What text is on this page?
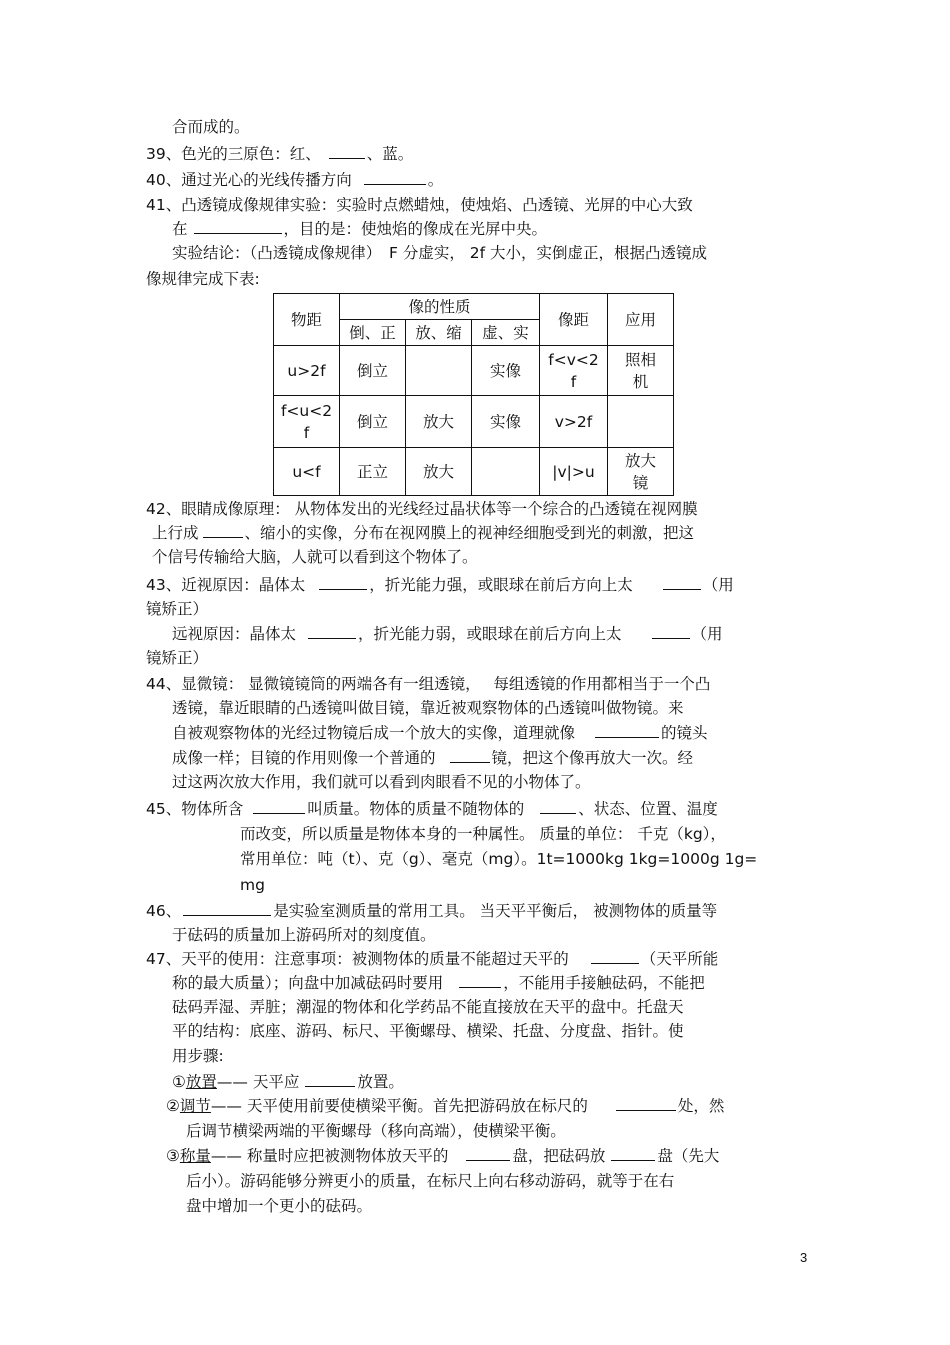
合而成的。
39、色光的三原色：红、	、蓝。
40、通过光心的光线传播方向	。
41、凸透镜成像规律实验：实验时点燃蜡烛，使烛焰、凸透镜、光屏的中心大致
在	，目的是：使烛焰的像成在光屏中央。
实验结论：（凸透镜成像规律）　F 分虚实， 2f 大小，实倒虚正，根据凸透镜成
像规律完成下表:
物距	像的性质			像距	应用
	倒、正	放、缩	虚、实		
u>2f	倒立		实像	f<v<2 f	照相 机
f<u<2 f	倒立	放大	实像	v>2f	
u<f	正立	放大		|v|>u	放大 镜
42、眼睛成像原理： 从物体发出的光线经过晶状体等一个综合的凸透镜在视网膜
上行成	、缩小的实像，分布在视网膜上的视神经细胞受到光的刺激，把这
个信号传输给大脑，人就可以看到这个物体了。
43、近视原因：晶体太	，折光能力强，或眼球在前后方向上太	（用
镜矫正）
远视原因：晶体太	，折光能力弱，或眼球在前后方向上太	（用
镜矫正）
44、显微镜： 显微镜镜筒的两端各有一组透镜，　 每组透镜的作用都相当于一个凸
透镜，靠近眼睛的凸透镜叫做目镜，靠近被观察物体的凸透镜叫做物镜。来
自被观察物体的光经过物镜后成一个放大的实像，道理就像	的镜头
成像一样；目镜的作用则像一个普通的	镜，把这个像再放大一次。经
过这两次放大作用，我们就可以看到肉眼看不见的小物体了。
45、物体所含	叫质量。物体的质量不随物体的	、状态、位置、温度
而改变，所以质量是物体本身的一种属性。 质量的单位： 千克（kg），
常用单位：吨（t）、克（g）、毫克（mg）。1t=1000kg 1kg=1000g 1g=
mg
46、	是实验室测质量的常用工具。 当天平平衡后， 被测物体的质量等
于砝码的质量加上游码所对的刻度值。
47、天平的使用：注意事项：被测物体的质量不能超过天平的	（天平所能
称的最大质量）；向盘中加减砝码时要用	，不能用手接触砝码，不能把
砝码弄湿、弄脏；潮湿的物体和化学药品不能直接放在天平的盘中。托盘天
平的结构：底座、游码、标尺、平衡螺母、横梁、托盘、分度盘、指针。使
用步骤:
①放置—— 天平应	放置。
②调节—— 天平使用前要使横梁平衡。首先把游码放在标尺的	处，然
后调节横梁两端的平衡螺母（移向高端），使横梁平衡。
③称量—— 称量时应把被测物体放天平的	盘，把砝码放	盘（先大
后小）。游码能够分辨更小的质量，在标尺上向右移动游码，就等于在右
盘中增加一个更小的砝码。
3
